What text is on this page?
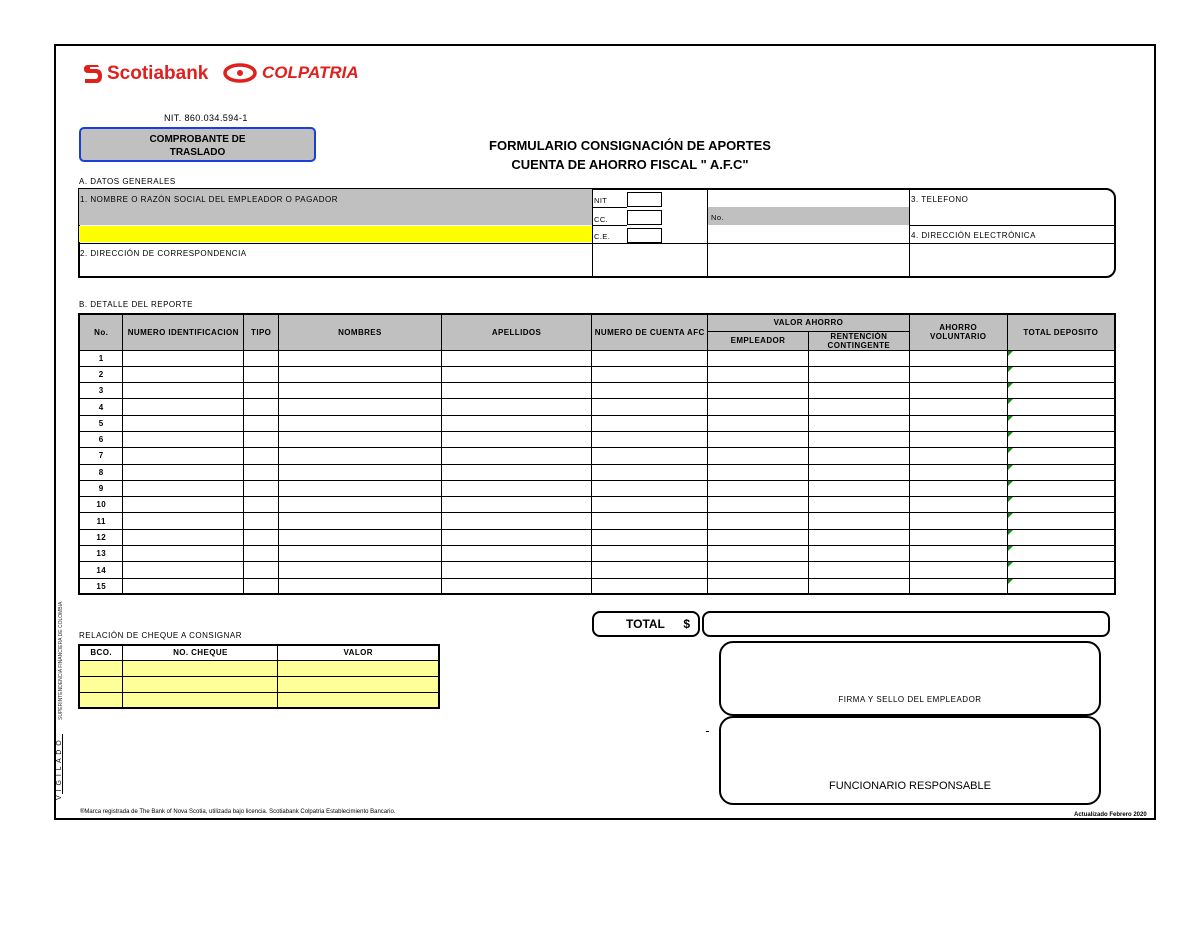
Scotiabank	COLPATRIA
NIT. 860.034.594-1
COMPROBANTE DE
TRASLADO	FORMULARIO CONSIGNACIÓN DE APORTES
CUENTA DE AHORRO FISCAL " A.F.C"
A. DATOS GENERALES
1. NOMBRE O RAZÓN SOCIAL DEL EMPLEADOR O PAGADOR
2. DIRECCIÓN DE CORRESPONDENCIA
NIT
CC.
C.E.
No.
3. TELEFONO
4. DIRECCIÓN ELECTRÓNICA
B. DETALLE DEL REPORTE
No.	NUMERO IDENTIFICACION	TIPO	NOMBRES	APELLIDOS	NUMERO DE CUENTA AFC	VALOR AHORRO		AHORRO VOLUNTARIO	TOTAL DEPOSITO
						EMPLEADOR	RENTENCIÓN CONTINGENTE		
1									

2									

3									

4									

5									

6									

7									

8									

9									

10									

11									

12									

13									

14									

15									
TOTAL $
RELACIÓN DE CHEQUE A CONSIGNAR
BCO.	NO. CHEQUE	VALOR

V I G I L A D O
SUPERINTENDENCIA FINANCIERA DE COLOMBIA	FIRMA Y SELLO DEL EMPLEADOR
FUNCIONARIO RESPONSABLE
®Marca registrada de The Bank of Nova Scotia, utilizada bajo licencia. Scotiabank Colpatria Establecimiento Bancario.	Actualizado Febrero 2020
